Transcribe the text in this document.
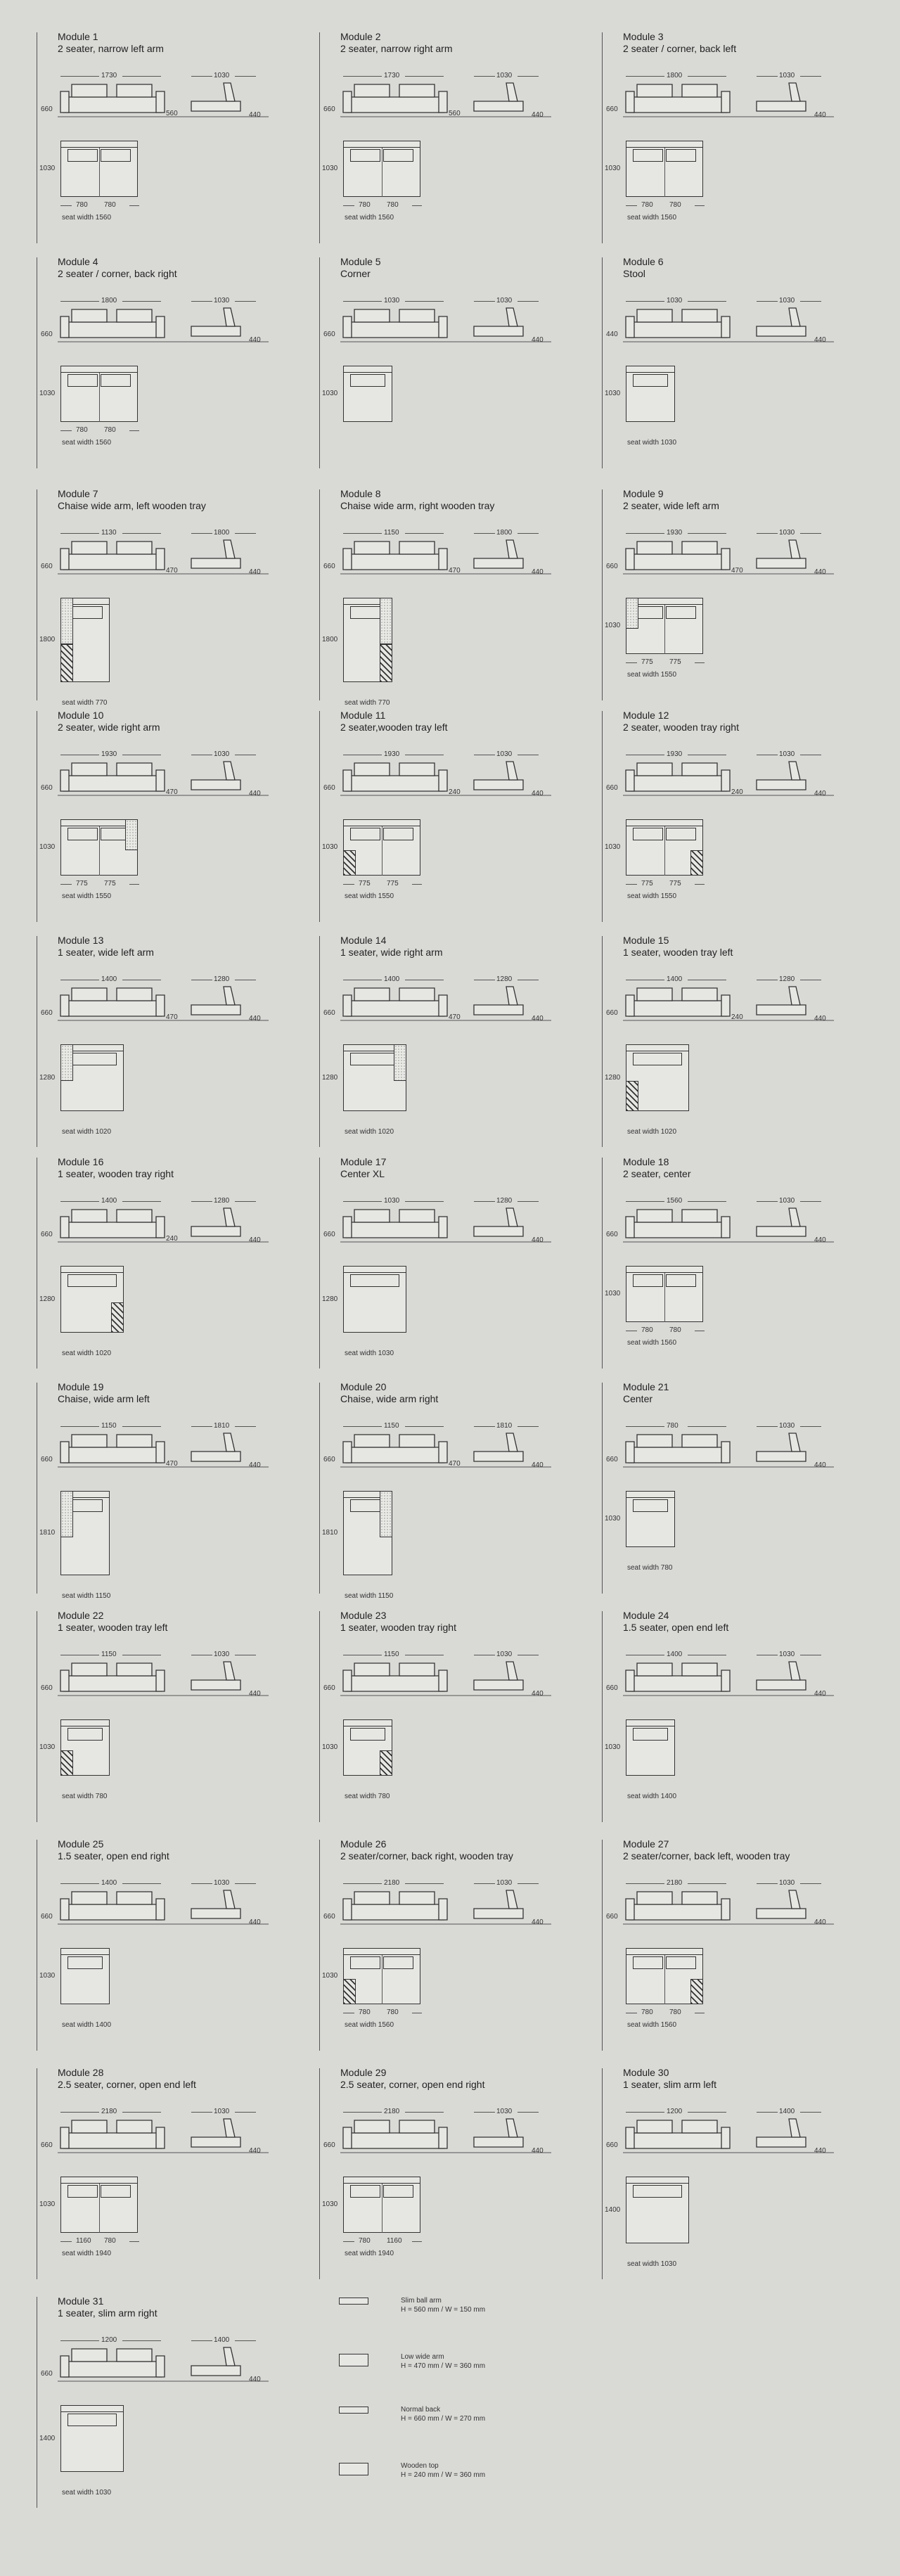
Module 1
2 seater, narrow left arm
1730	1030
660
440
560
1030
780 780
seat width 1560
Module 2
2 seater, narrow right arm
1730	1030
660
440
560
1030
780 780
seat width 1560
Module 3
2 seater / corner, back left
1800	1030
660
440
1030
780 780
seat width 1560
Module 4
2 seater / corner, back right
1800	1030
660
440
1030
780 780
seat width 1560
Module 5
Corner
1030	1030
660
440
1030
Module 6
Stool
1030	1030
440
440
1030
seat width 1030
Module 7
Chaise wide arm, left wooden tray
1130	1800
660
440
470
1800
seat width 770
Module 8
Chaise wide arm, right wooden tray
1150	1800
660
440
470
1800
seat width 770
Module 9
2 seater, wide left arm
1930	1030
660
440
470
1030
775 775
seat width 1550
Module 10
2 seater, wide right arm
1930	1030
660
440
470
1030
775 775
seat width 1550
Module 11
2 seater,wooden tray left
1930	1030
660
440
240
1030
775 775
seat width 1550
Module 12
2 seater, wooden tray right
1930	1030
660
440
240
1030
775 775
seat width 1550
Module 13
1 seater, wide left arm
1400	1280
660
440
470
1280
seat width 1020
Module 14
1 seater, wide right arm
1400	1280
660
440
470
1280
seat width 1020
Module 15
1 seater, wooden tray left
1400	1280
660
440
240
1280
seat width 1020
Module 16
1 seater, wooden tray right
1400	1280
660
440
240
1280
seat width 1020
Module 17
Center XL
1030	1280
660
440
1280
seat width 1030
Module 18
2 seater, center
1560	1030
660
440
1030
780 780
seat width 1560
Module 19
Chaise, wide arm left
1150	1810
660
440
470
1810
seat width 1150
Module 20
Chaise, wide arm right
1150	1810
660
440
470
1810
seat width 1150
Module 21
Center
780	1030
660
440
1030
seat width 780
Module 22
1 seater, wooden tray left
1150	1030
660
440
1030
seat width 780
Module 23
1 seater, wooden tray right
1150	1030
660
440
1030
seat width 780
Module 24
1.5 seater, open end left
1400	1030
660
440
1030
seat width 1400
Module 25
1.5 seater, open end right
1400	1030
660
440
1030
seat width 1400
Module 26
2 seater/corner, back right, wooden tray
2180	1030
660
440
1030
780 780
seat width 1560
Module 27
2 seater/corner, back left, wooden tray
2180	1030
660
440
780 780
seat width 1560
Module 28
2.5 seater, corner, open end left
2180	1030
660
440
1030
1160 780
seat width 1940
Module 29
2.5 seater, corner, open end right
2180	1030
660
440
1030
780 1160
seat width 1940
Module 30
1 seater, slim arm left
1200	1400
660
440
1400
seat width 1030
Module 31
1 seater, slim arm right
1200	1400
660
440
1400
seat width 1030
Slim ball arm
H = 560 mm / W = 150 mm
Low wide arm
H = 470 mm / W = 360 mm
Normal back
H = 660 mm / W = 270 mm
Wooden top
H = 240 mm / W = 360 mm
